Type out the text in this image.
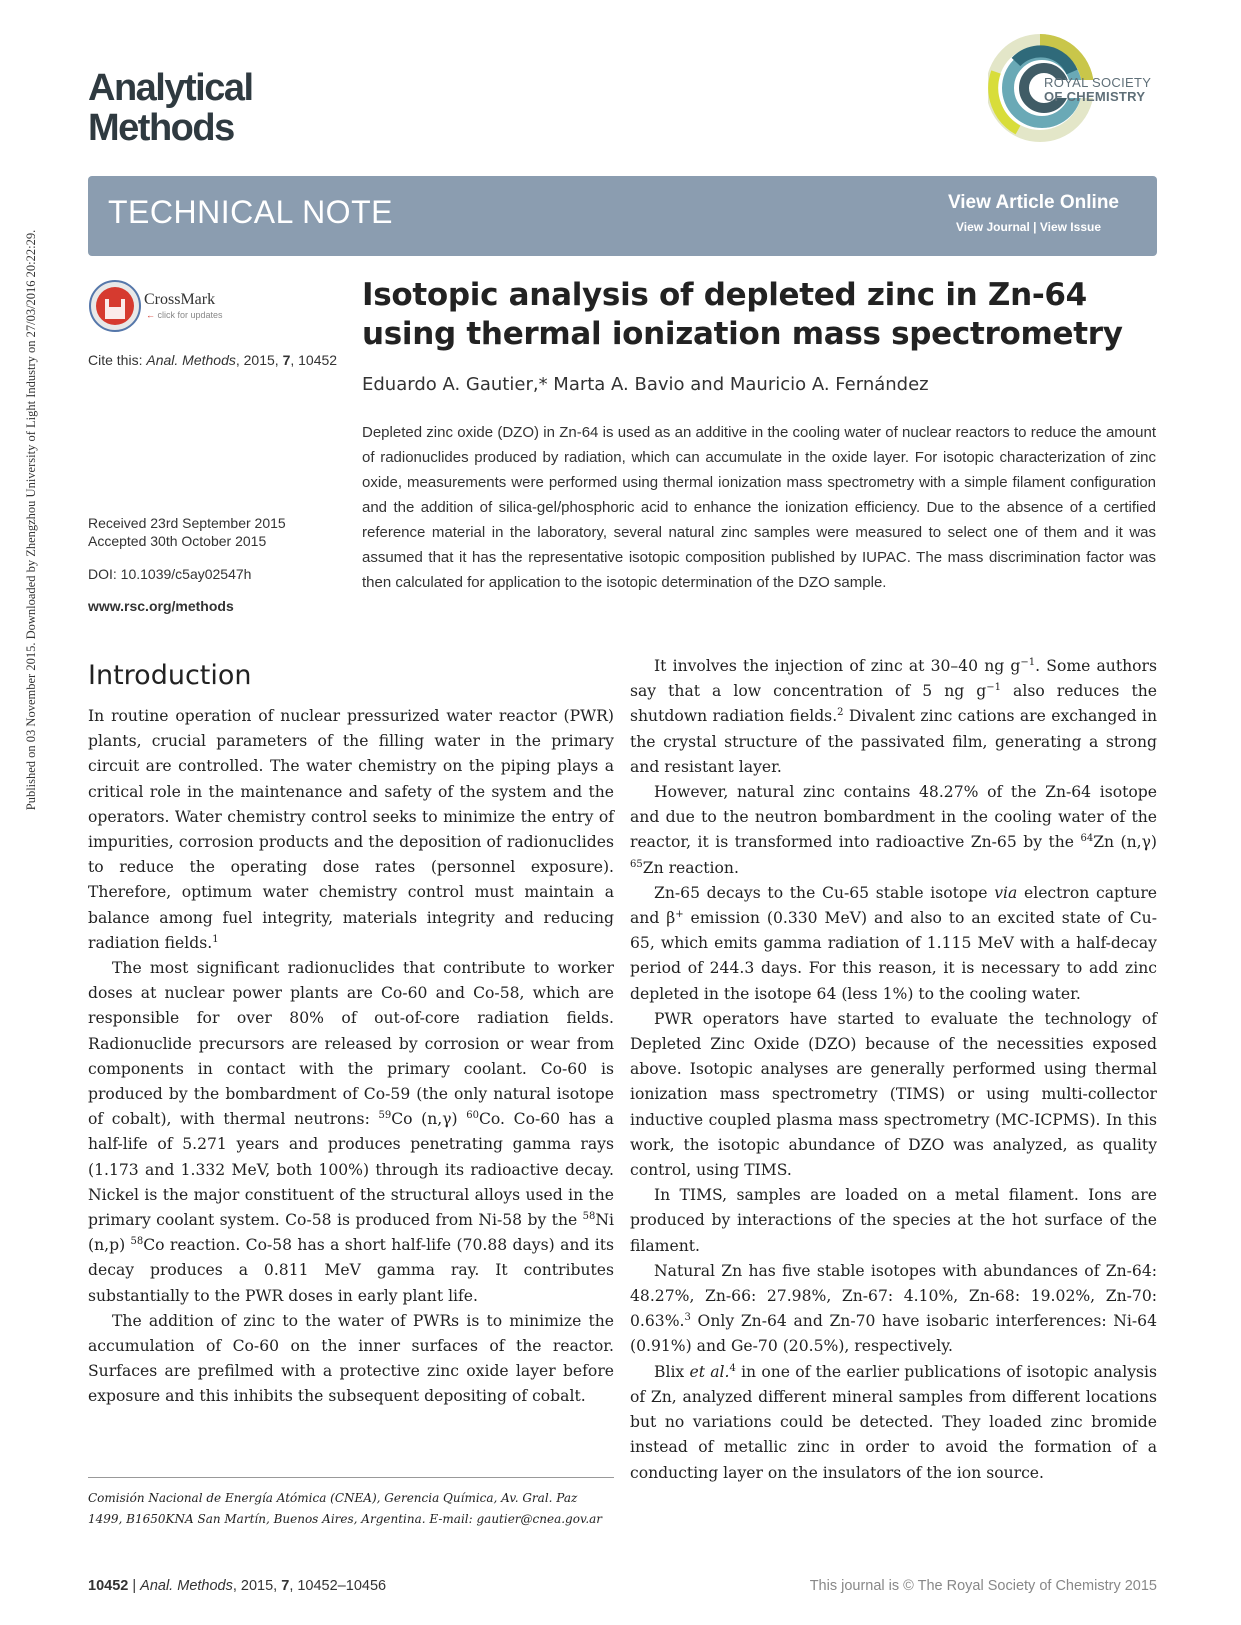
Published on 03 November 2015. Downloaded by Zhengzhou University of Light Industry on 27/03/2016 20:22:29.
Analytical
Methods
ROYAL SOCIETY
OF CHEMISTRY
TECHNICAL NOTE	View Article Online
View Journal | View Issue
CrossMark
← click for updates
Cite this: Anal. Methods, 2015, 7, 10452
Received 23rd September 2015
Accepted 30th October 2015
DOI: 10.1039/c5ay02547h
www.rsc.org/methods
Isotopic analysis of depleted zinc in Zn-64 using thermal ionization mass spectrometry
Eduardo A. Gautier,* Marta A. Bavio and Mauricio A. Fernández
Depleted zinc oxide (DZO) in Zn-64 is used as an additive in the cooling water of nuclear reactors to reduce the amount of radionuclides produced by radiation, which can accumulate in the oxide layer. For isotopic characterization of zinc oxide, measurements were performed using thermal ionization mass spectrometry with a simple filament configuration and the addition of silica-gel/phosphoric acid to enhance the ionization efficiency. Due to the absence of a certified reference material in the laboratory, several natural zinc samples were measured to select one of them and it was assumed that it has the representative isotopic composition published by IUPAC. The mass discrimination factor was then calculated for application to the isotopic determination of the DZO sample.
Introduction

In routine operation of nuclear pressurized water reactor (PWR) plants, crucial parameters of the filling water in the primary circuit are controlled. The water chemistry on the piping plays a critical role in the maintenance and safety of the system and the operators. Water chemistry control seeks to minimize the entry of impurities, corrosion products and the deposition of radionuclides to reduce the operating dose rates (personnel exposure). Therefore, optimum water chemistry control must maintain a balance among fuel integrity, materials integrity and reducing radiation fields.$^1$

The most significant radionuclides that contribute to worker doses at nuclear power plants are Co-60 and Co-58, which are responsible for over 80% of out-of-core radiation fields. Radionuclide precursors are released by corrosion or wear from components in contact with the primary coolant. Co-60 is produced by the bombardment of Co-59 (the only natural isotope of cobalt), with thermal neutrons: $^{59}$Co (n,γ) $^{60}$Co. Co-60 has a half-life of 5.271 years and produces penetrating gamma rays (1.173 and 1.332 MeV, both 100%) through its radioactive decay. Nickel is the major constituent of the structural alloys used in the primary coolant system. Co-58 is produced from Ni-58 by the $^{58}$Ni (n,p) $^{58}$Co reaction. Co-58 has a short half-life (70.88 days) and its decay produces a 0.811 MeV gamma ray. It contributes substantially to the PWR doses in early plant life.

The addition of zinc to the water of PWRs is to minimize the accumulation of Co-60 on the inner surfaces of the reactor. Surfaces are prefilmed with a protective zinc oxide layer before exposure and this inhibits the subsequent depositing of cobalt.

It involves the injection of zinc at 30–40 ng $g^{-1}$. Some authors say that a low concentration of 5 ng $g^{-1}$ also reduces the shutdown radiation fields.$^2$ Divalent zinc cations are exchanged in the crystal structure of the passivated film, generating a strong and resistant layer.

However, natural zinc contains 48.27% of the Zn-64 isotope and due to the neutron bombardment in the cooling water of the reactor, it is transformed into radioactive Zn-65 by the $^{64}$Zn (n,γ) $^{65}$Zn reaction.

Zn-65 decays to the Cu-65 stable isotope via electron capture and β+ emission (0.330 MeV) and also to an excited state of Cu-65, which emits gamma radiation of 1.115 MeV with a half-decay period of 244.3 days. For this reason, it is necessary to add zinc depleted in the isotope 64 (less 1%) to the cooling water.

PWR operators have started to evaluate the technology of Depleted Zinc Oxide (DZO) because of the necessities exposed above. Isotopic analyses are generally performed using thermal ionization mass spectrometry (TIMS) or using multi-collector inductive coupled plasma mass spectrometry (MC-ICPMS). In this work, the isotopic abundance of DZO was analyzed, as quality control, using TIMS.

In TIMS, samples are loaded on a metal filament. Ions are produced by interactions of the species at the hot surface of the filament.

Natural Zn has five stable isotopes with abundances of Zn-64: 48.27%, Zn-66: 27.98%, Zn-67: 4.10%, Zn-68: 19.02%, Zn-70: 0.63%.$^3$ Only Zn-64 and Zn-70 have isobaric interferences: Ni-64 (0.91%) and Ge-70 (20.5%), respectively.

Blix et al.$^4$ in one of the earlier publications of isotopic analysis of Zn, analyzed different mineral samples from different locations but no variations could be detected. They loaded zinc bromide instead of metallic zinc in order to avoid the formation of a conducting layer on the insulators of the ion source.

Comisión Nacional de Energía Atómica (CNEA), Gerencia Química, Av. Gral. Paz 1499, B1650KNA San Martín, Buenos Aires, Argentina. E-mail: gautier@cnea.gov.ar
10452 | Anal. Methods, 2015, 7, 10452–10456	This journal is © The Royal Society of Chemistry 2015
